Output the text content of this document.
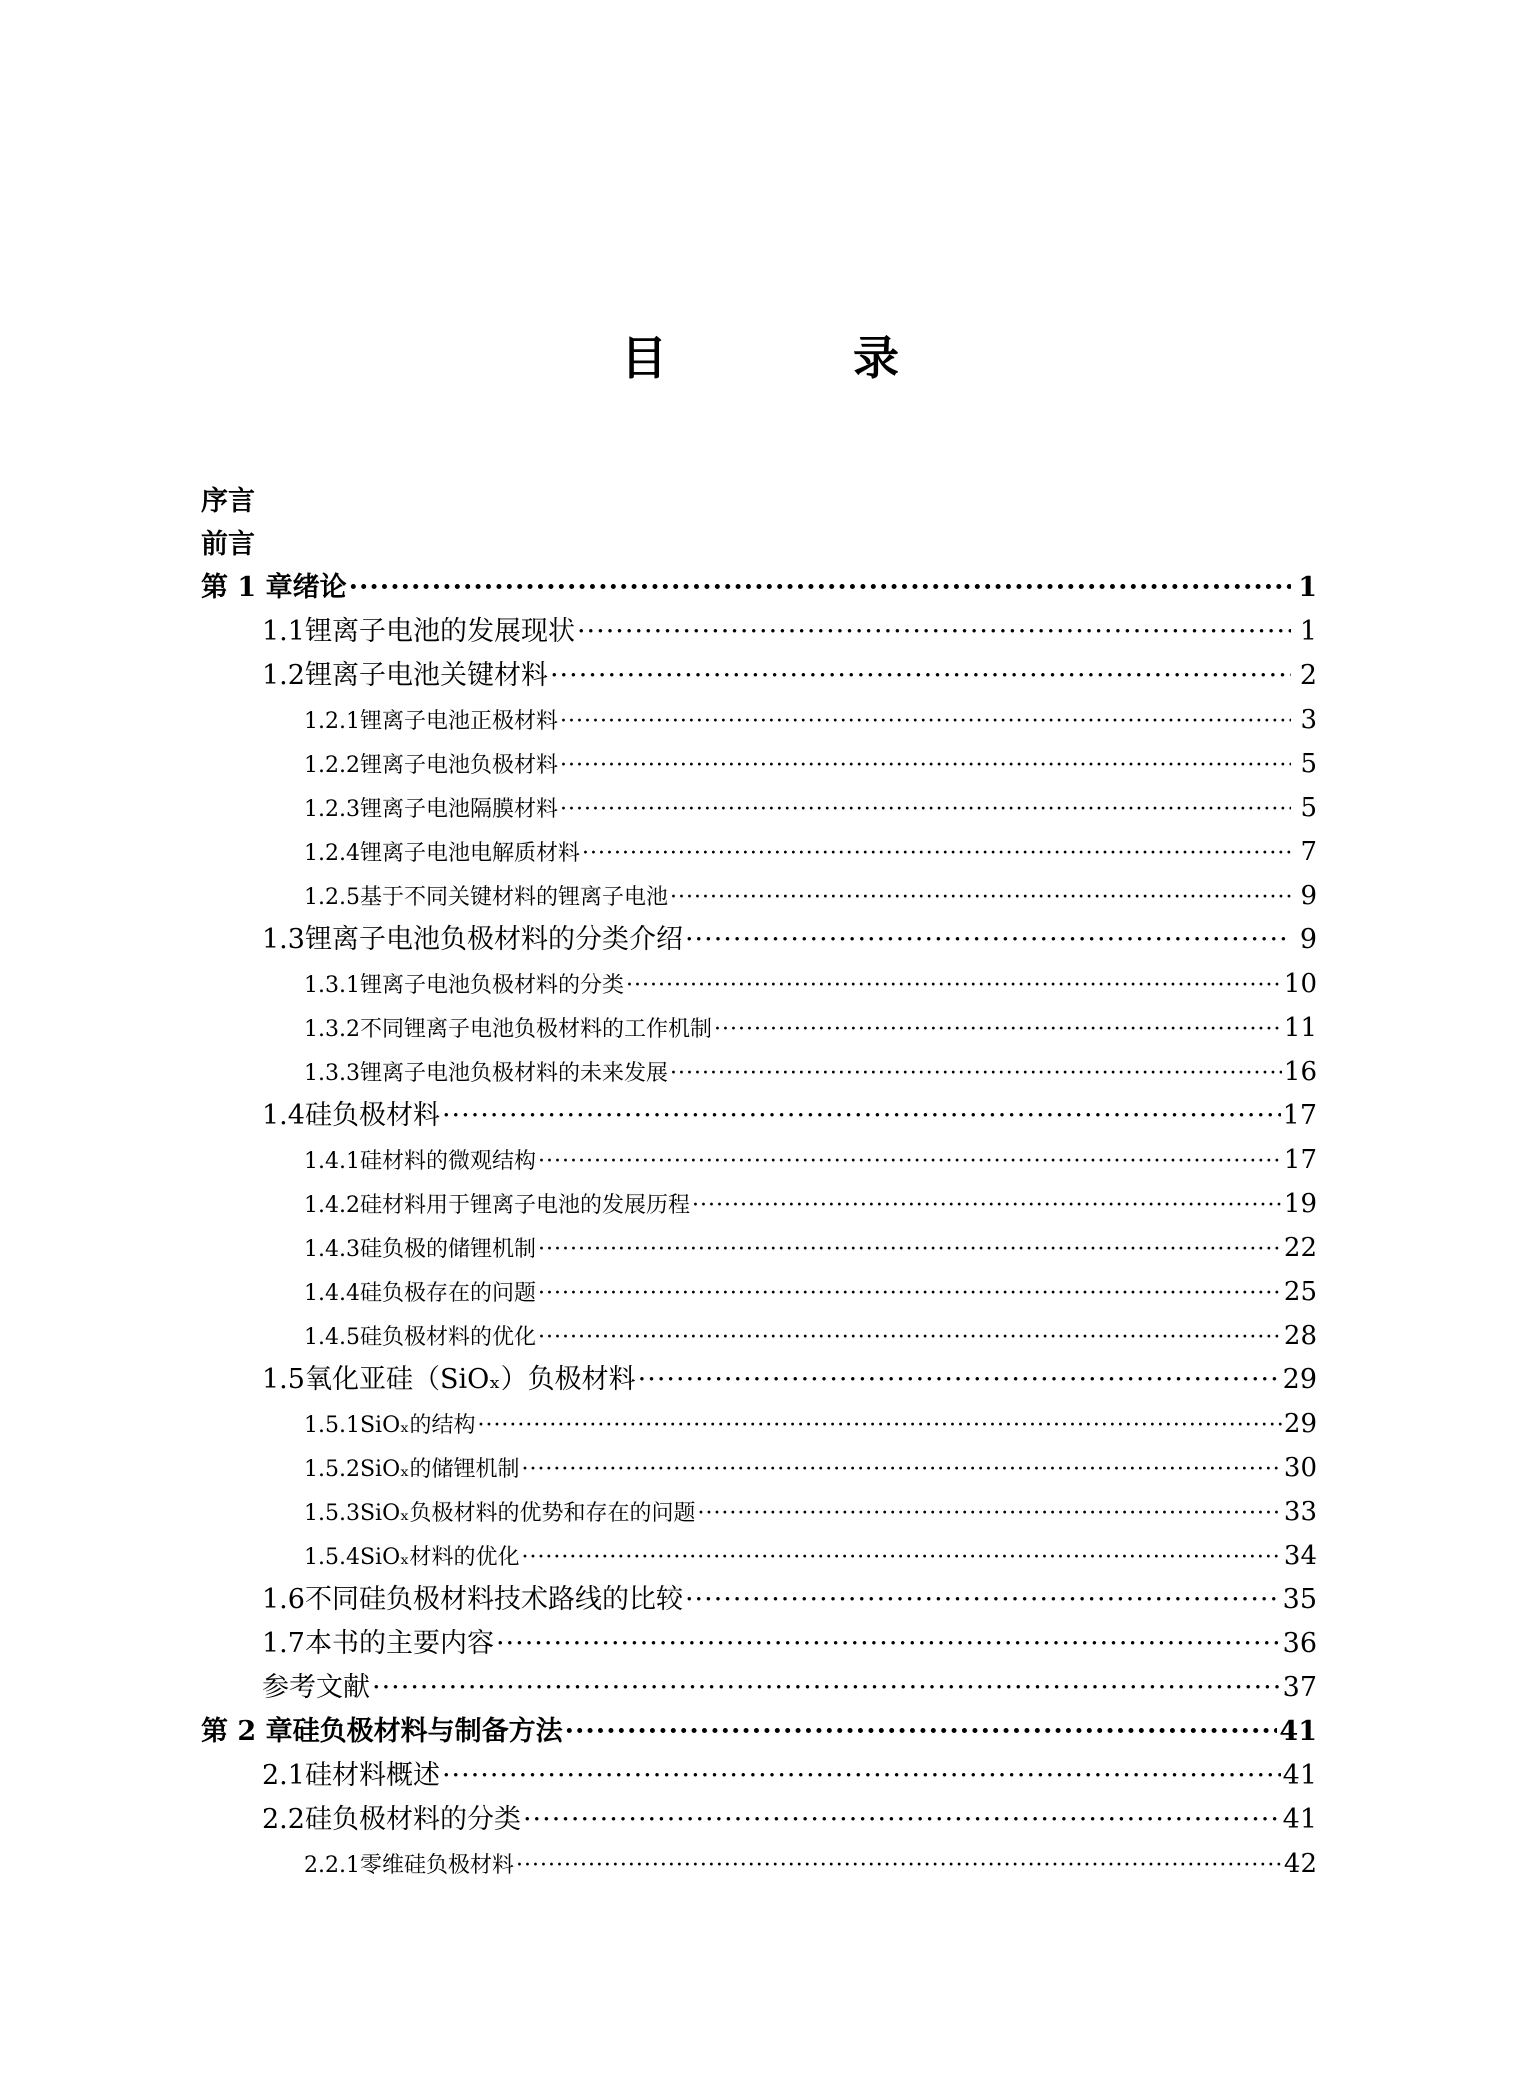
目　录
序言
前言
第 1 章 绪论 ·····	1
1.1 锂离子电池的发展现状 ·····	1
1.2 锂离子电池关键材料 ·····	2
1.2.1 锂离子电池正极材料 ·····	3
1.2.2 锂离子电池负极材料 ·····	5
1.2.3 锂离子电池隔膜材料 ·····	5
1.2.4 锂离子电池电解质材料 ·····	7
1.2.5 基于不同关键材料的锂离子电池 ·····	9
1.3 锂离子电池负极材料的分类介绍 ·····	9
1.3.1 锂离子电池负极材料的分类 ·····	10
1.3.2 不同锂离子电池负极材料的工作机制 ·····	11
1.3.3 锂离子电池负极材料的未来发展 ·····	16
1.4 硅负极材料 ·····	17
1.4.1 硅材料的微观结构 ·····	17
1.4.2 硅材料用于锂离子电池的发展历程 ·····	19
1.4.3 硅负极的储锂机制 ·····	22
1.4.4 硅负极存在的问题 ·····	25
1.4.5 硅负极材料的优化 ·····	28
1.5 氧化亚硅（SiOₓ）负极材料 ·····	29
1.5.1 SiOₓ的结构 ·····	29
1.5.2 SiOₓ的储锂机制 ·····	30
1.5.3 SiOₓ负极材料的优势和存在的问题 ·····	33
1.5.4 SiOₓ材料的优化 ·····	34
1.6 不同硅负极材料技术路线的比较 ·····	35
1.7 本书的主要内容 ·····	36
参考文献 ·····	37
第 2 章 硅负极材料与制备方法 ·····	41
2.1 硅材料概述 ·····	41
2.2 硅负极材料的分类 ·····	41
2.2.1 零维硅负极材料 ·····	42
